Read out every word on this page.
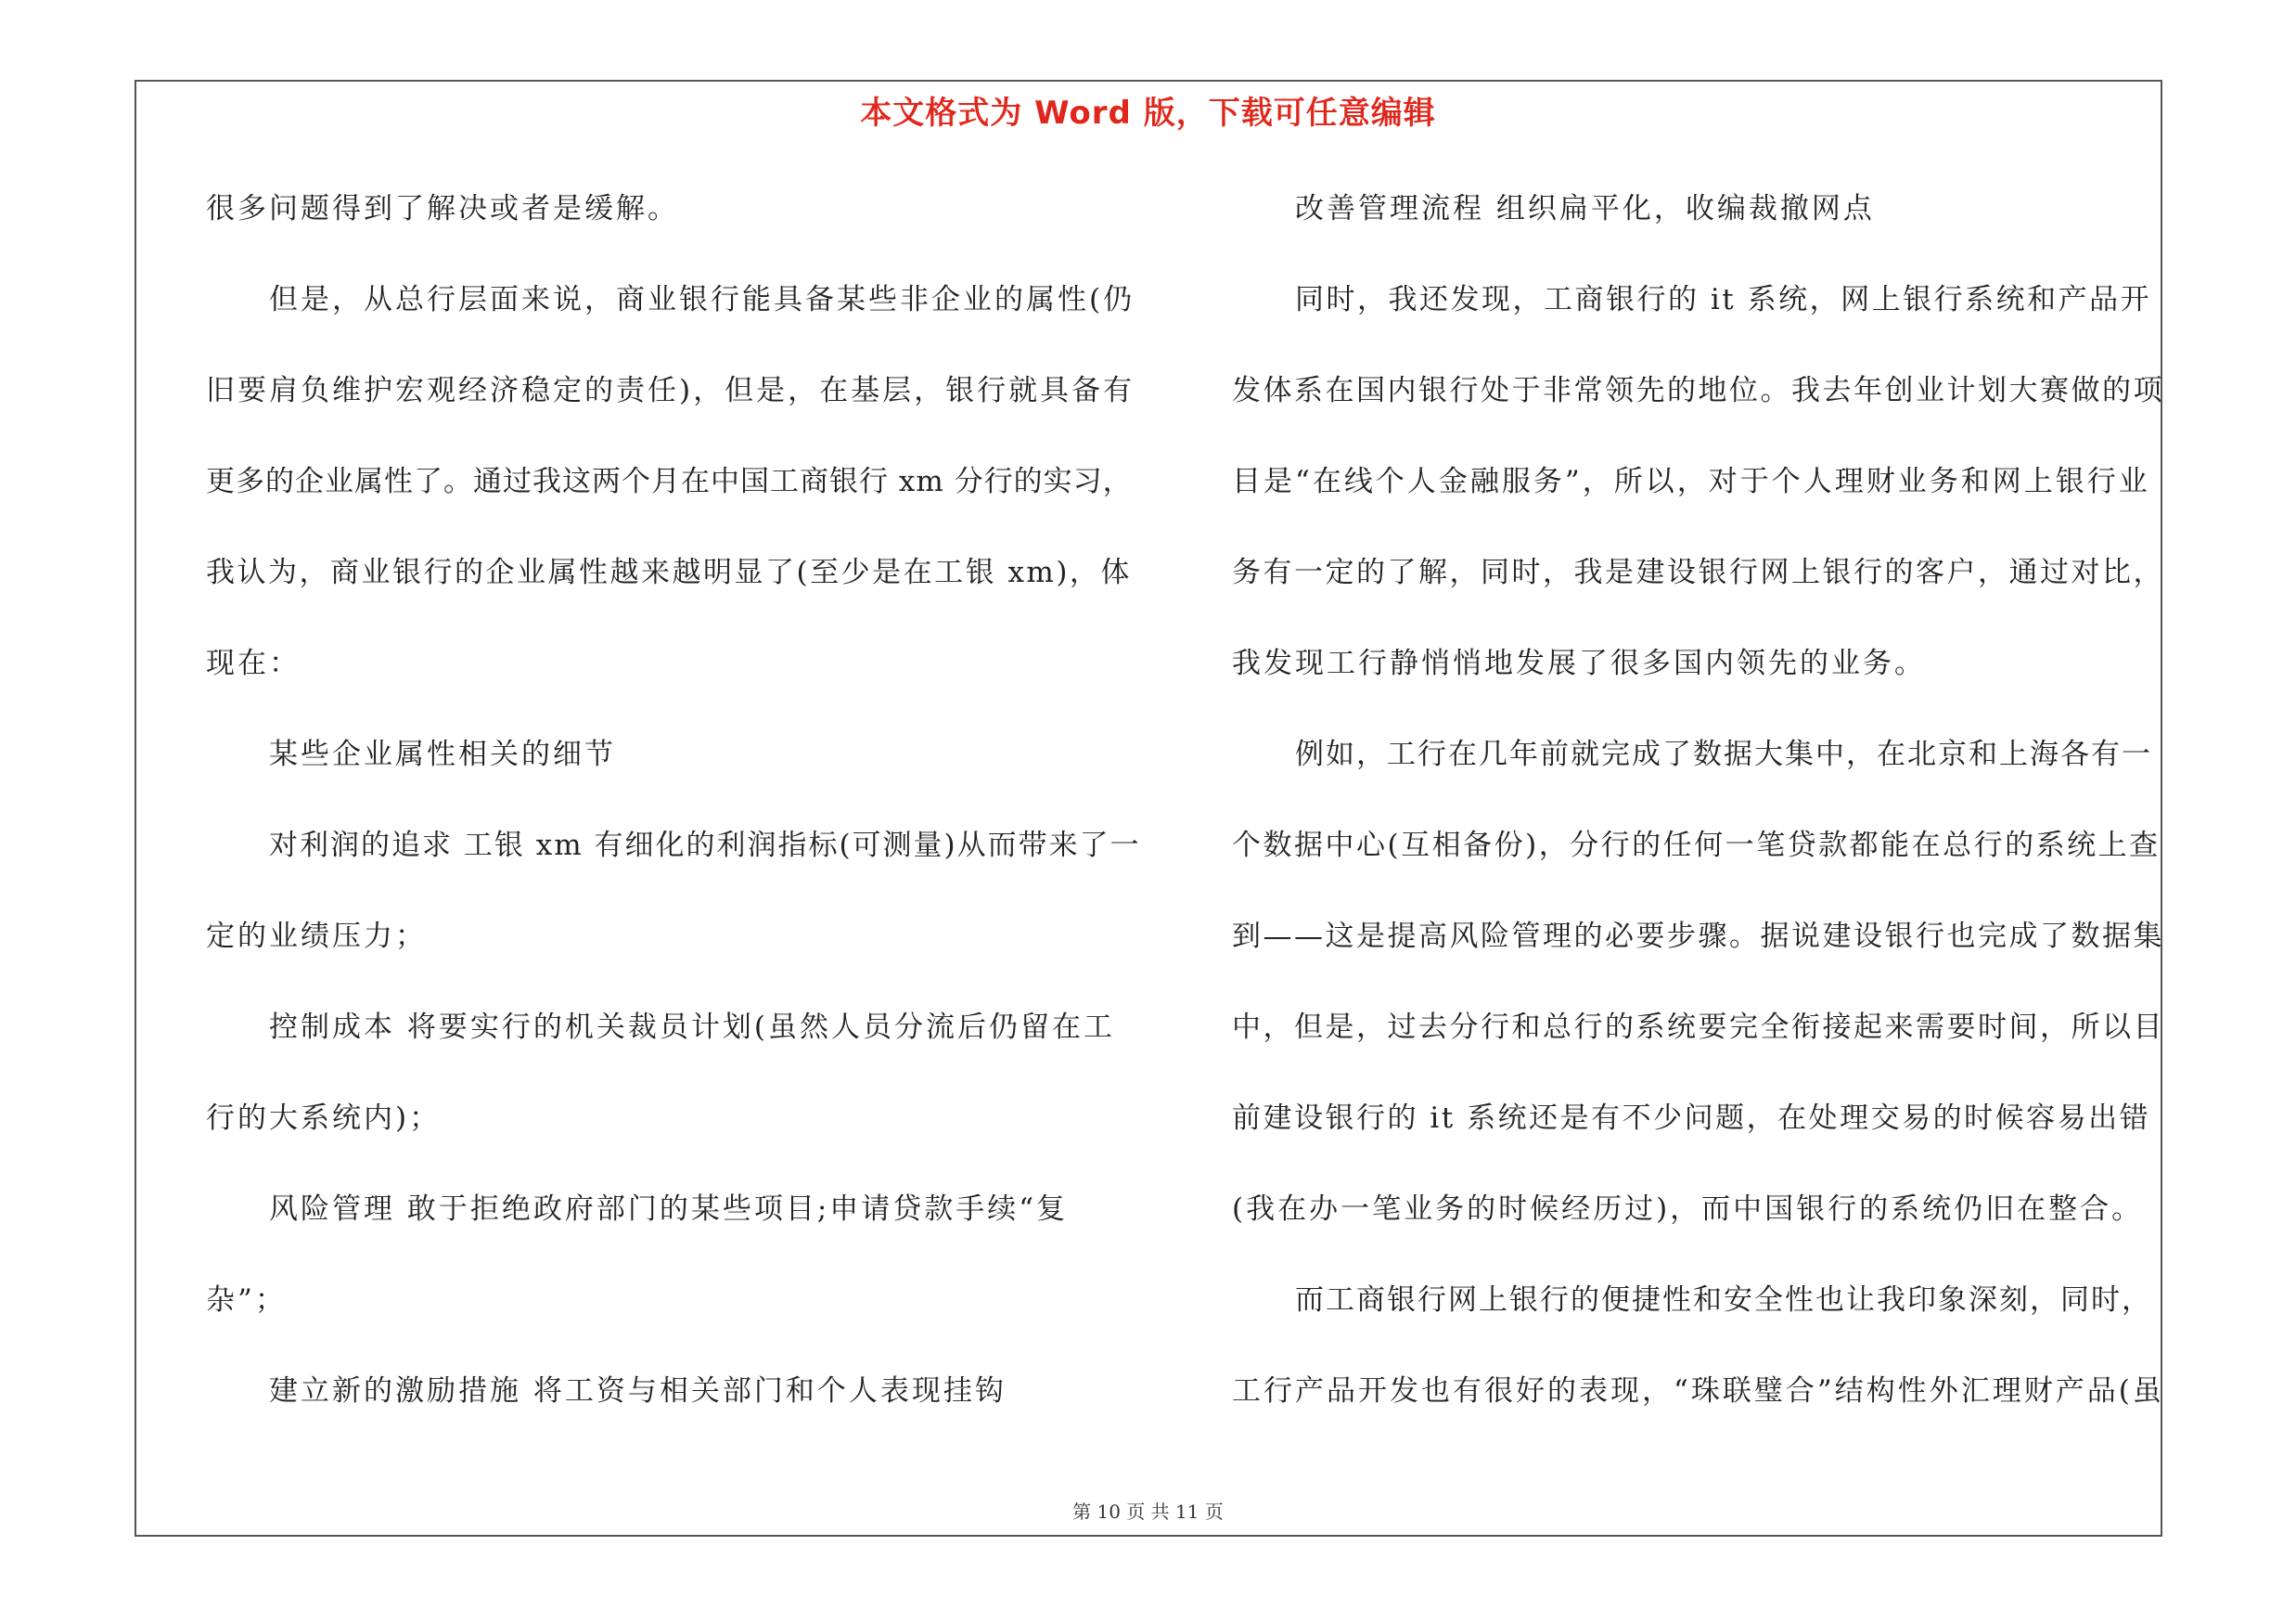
本文格式为 Word 版，下载可任意编辑
很多问题得到了解决或者是缓解。
但是，从总行层面来说，商业银行能具备某些非企业的属性(仍
旧要肩负维护宏观经济稳定的责任)，但是，在基层，银行就具备有
更多的企业属性了。通过我这两个月在中国工商银行 xm 分行的实习，
我认为，商业银行的企业属性越来越明显了(至少是在工银 xm)，体
现在：
某些企业属性相关的细节
对利润的追求 工银 xm 有细化的利润指标(可测量)从而带来了一
定的业绩压力；
控制成本 将要实行的机关裁员计划(虽然人员分流后仍留在工
行的大系统内)；
风险管理 敢于拒绝政府部门的某些项目;申请贷款手续“复
杂”；
建立新的激励措施 将工资与相关部门和个人表现挂钩
改善管理流程 组织扁平化，收编裁撤网点
同时，我还发现，工商银行的 it 系统，网上银行系统和产品开
发体系在国内银行处于非常领先的地位。我去年创业计划大赛做的项
目是“在线个人金融服务”，所以，对于个人理财业务和网上银行业
务有一定的了解，同时，我是建设银行网上银行的客户，通过对比，
我发现工行静悄悄地发展了很多国内领先的业务。
例如，工行在几年前就完成了数据大集中，在北京和上海各有一
个数据中心(互相备份)，分行的任何一笔贷款都能在总行的系统上查
到——这是提高风险管理的必要步骤。据说建设银行也完成了数据集
中，但是，过去分行和总行的系统要完全衔接起来需要时间，所以目
前建设银行的 it 系统还是有不少问题，在处理交易的时候容易出错
(我在办一笔业务的时候经历过)，而中国银行的系统仍旧在整合。
而工商银行网上银行的便捷性和安全性也让我印象深刻，同时，
工行产品开发也有很好的表现，“珠联璧合”结构性外汇理财产品(虽
第 10 页 共 11 页
